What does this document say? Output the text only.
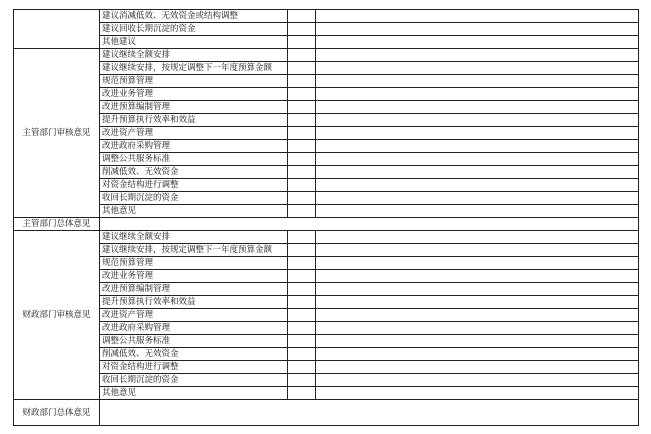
	建议消减低效、无效资金或结构调整		
	建议回收长期沉淀的资金		
	其他建议		
主管部门审核意见	建议继续全额安排		
	建议继续安排，按规定调整下一年度预算金额		
	规范预算管理		
	改进业务管理		
	改进预算编制管理		
	提升预算执行效率和效益		
	改进资产管理		
	改进政府采购管理		
	调整公共服务标准		
	削减低效、无效资金		
	对资金结构进行调整		
	收回长期沉淀的资金		
	其他意见		
主管部门总体意见			
财政部门审核意见	建议继续全额安排		
	建议继续安排，按规定调整下一年度预算金额		
	规范预算管理		
	改进业务管理		
	改进预算编制管理		
	提升预算执行效率和效益		
	改进资产管理		
	改进政府采购管理		
	调整公共服务标准		
	削减低效、无效资金		
	对资金结构进行调整		
	收回长期沉淀的资金		
	其他意见		
财政部门总体意见			
